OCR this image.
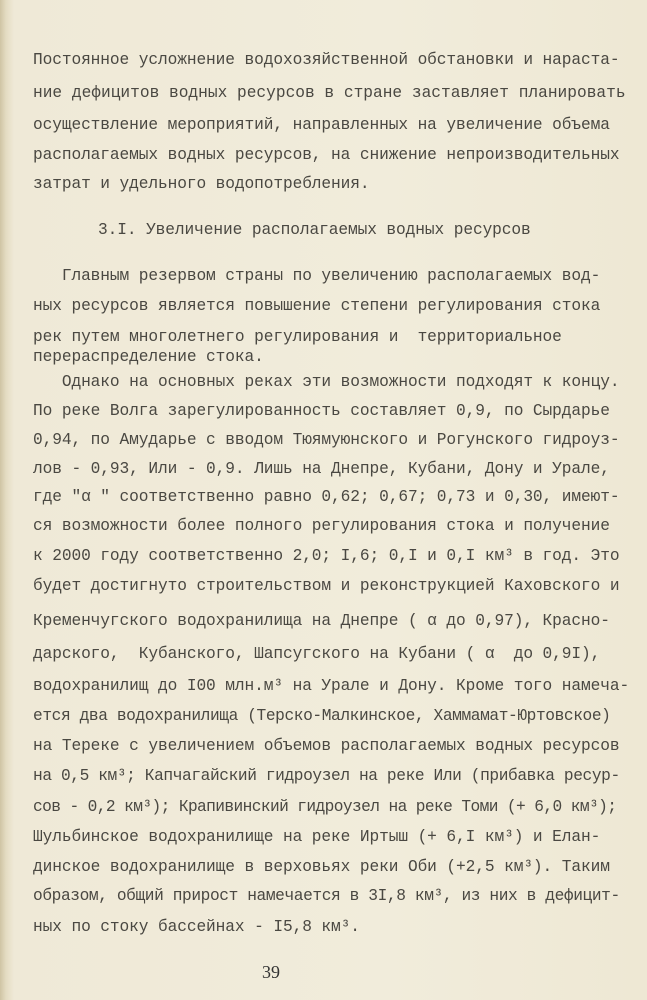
Постоянное усложнение водохозяйственной обстановки и нараста-
ние дефицитов водных ресурсов в стране заставляет планировать
осуществление мероприятий, направленных на увеличение объема
располагаемых водных ресурсов, на снижение непроизводительных
затрат и удельного водопотребления.
3.I. Увеличение располагаемых водных ресурсов
Главным резервом страны по увеличению располагаемых вод-
ных ресурсов является повышение степени регулирования стока
рек путем многолетнего регулирования и  территориальное
перераспределение стока.
Однако на основных реках эти возможности подходят к концу.
По реке Волга зарегулированность составляет 0,9, по Сырдарье
0,94, по Амударье с вводом Тюямуюнского и Рогунского гидроуз-
лов - 0,93, Или - 0,9. Лишь на Днепре, Кубани, Дону и Урале,
где "α " соответственно равно 0,62; 0,67; 0,73 и 0,30, имеют-
ся возможности более полного регулирования стока и получение
к 2000 году соответственно 2,0; I,6; 0,I и 0,I км³ в год. Это
будет достигнуто строительством и реконструкцией Каховского и
Кременчугского водохранилища на Днепре ( α до 0,97), Красно-
дарского,  Кубанского, Шапсугского на Кубани ( α  до 0,9I),
водохранилищ до I00 млн.м³ на Урале и Дону. Кроме того намеча-
ется два водохранилища (Терско-Малкинское, Хаммамат-Юртовское)
на Тереке с увеличением объемов располагаемых водных ресурсов
на 0,5 км³; Капчагайский гидроузел на реке Или (прибавка ресур-
сов - 0,2 км³); Крапивинский гидроузел на реке Томи (+ 6,0 км³);
Шульбинское водохранилище на реке Иртыш (+ 6,I км³) и Елан-
динское водохранилище в верховьях реки Оби (+2,5 км³). Таким
образом, общий прирост намечается в 3I,8 км³, из них в дефицит-
ных по стоку бассейнах - I5,8 км³.
39
